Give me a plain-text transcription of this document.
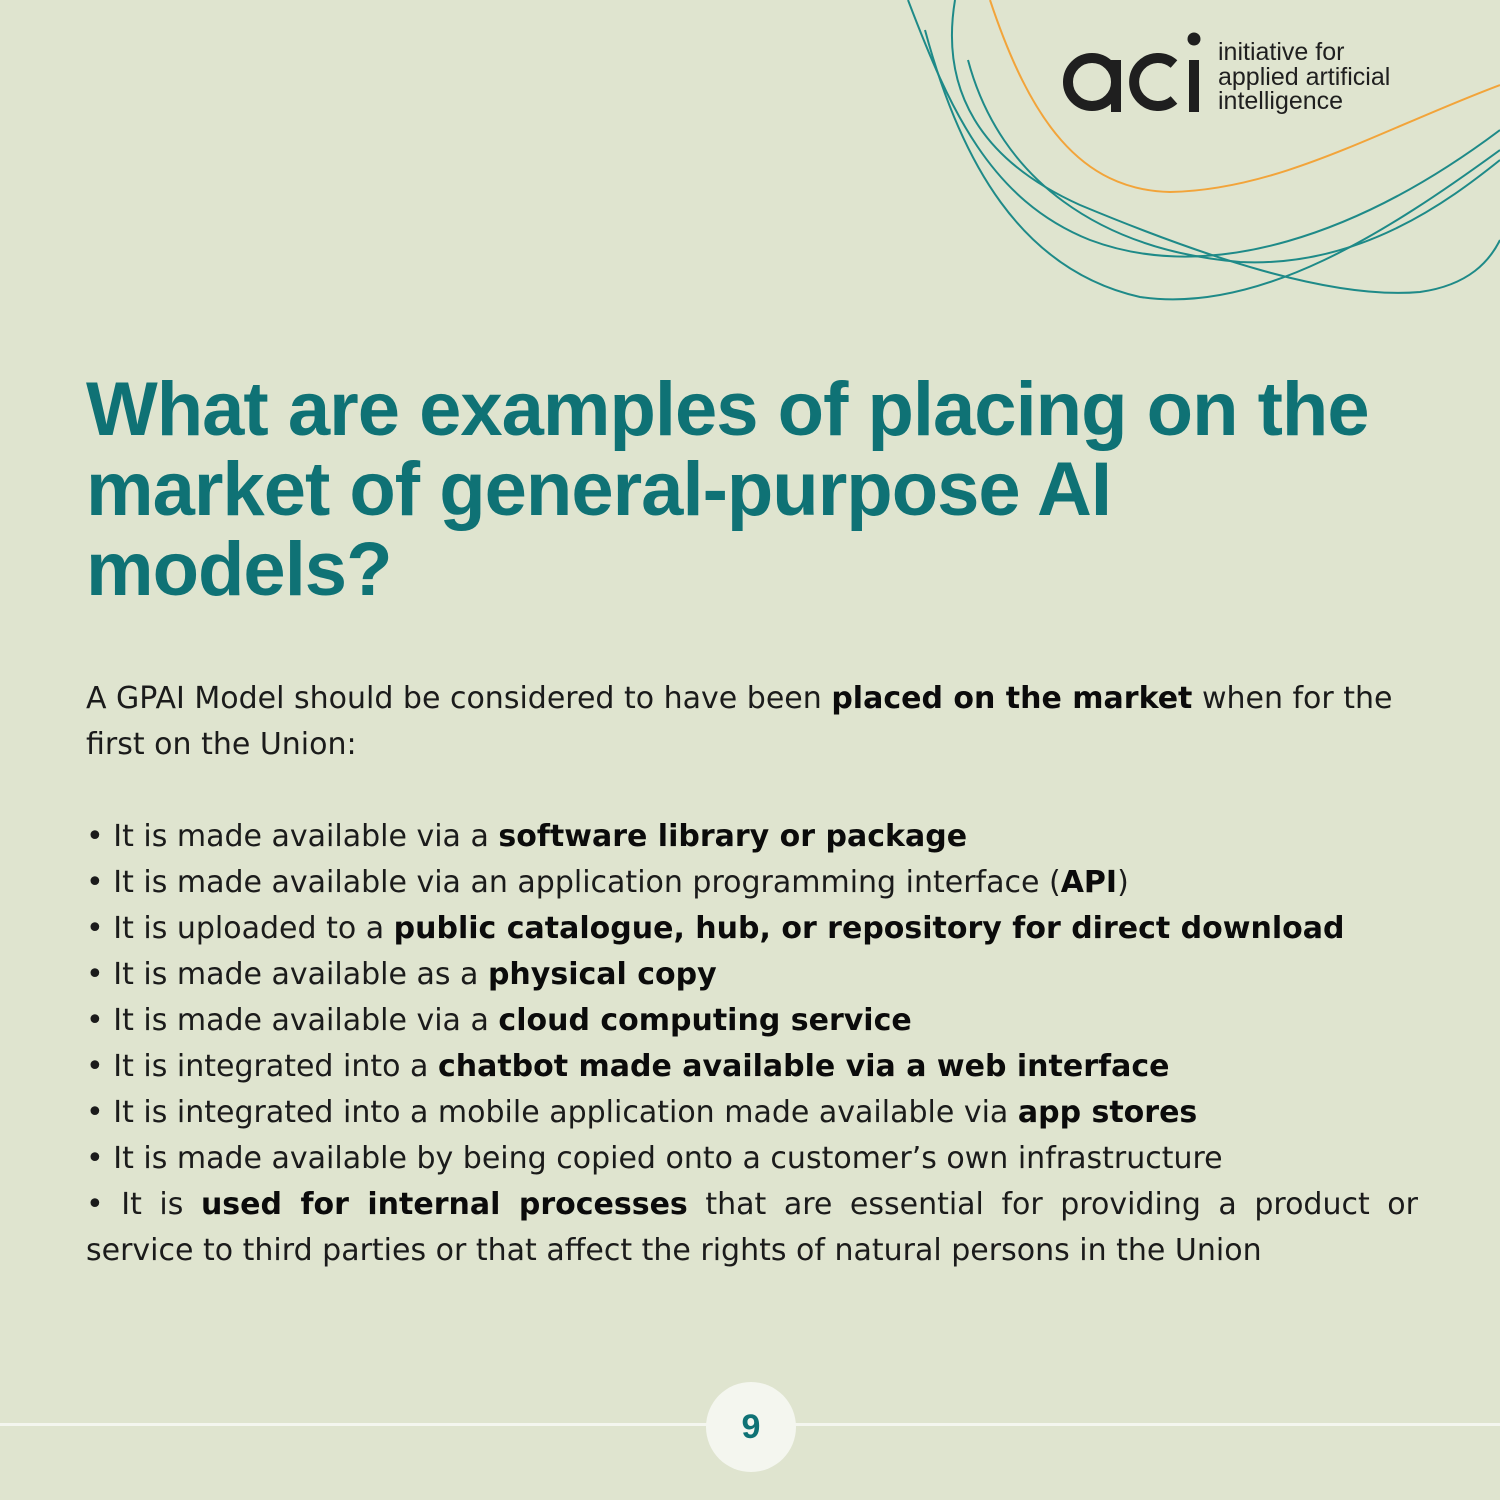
initiative for
applied artificial
intelligence
What are examples of placing on the market of general-purpose AI models?

A GPAI Model should be considered to have been placed on the market when for the first on the Union:

• It is made available via a software library or package
• It is made available via an application programming interface (API)
• It is uploaded to a public catalogue, hub, or repository for direct download
• It is made available as a physical copy
• It is made available via a cloud computing service
• It is integrated into a chatbot made available via a web interface
• It is integrated into a mobile application made available via app stores
• It is made available by being copied onto a customer’s own infrastructure
• It is used for internal processes that are essential for providing a product or service to third parties or that affect the rights of natural persons in the Union
9
